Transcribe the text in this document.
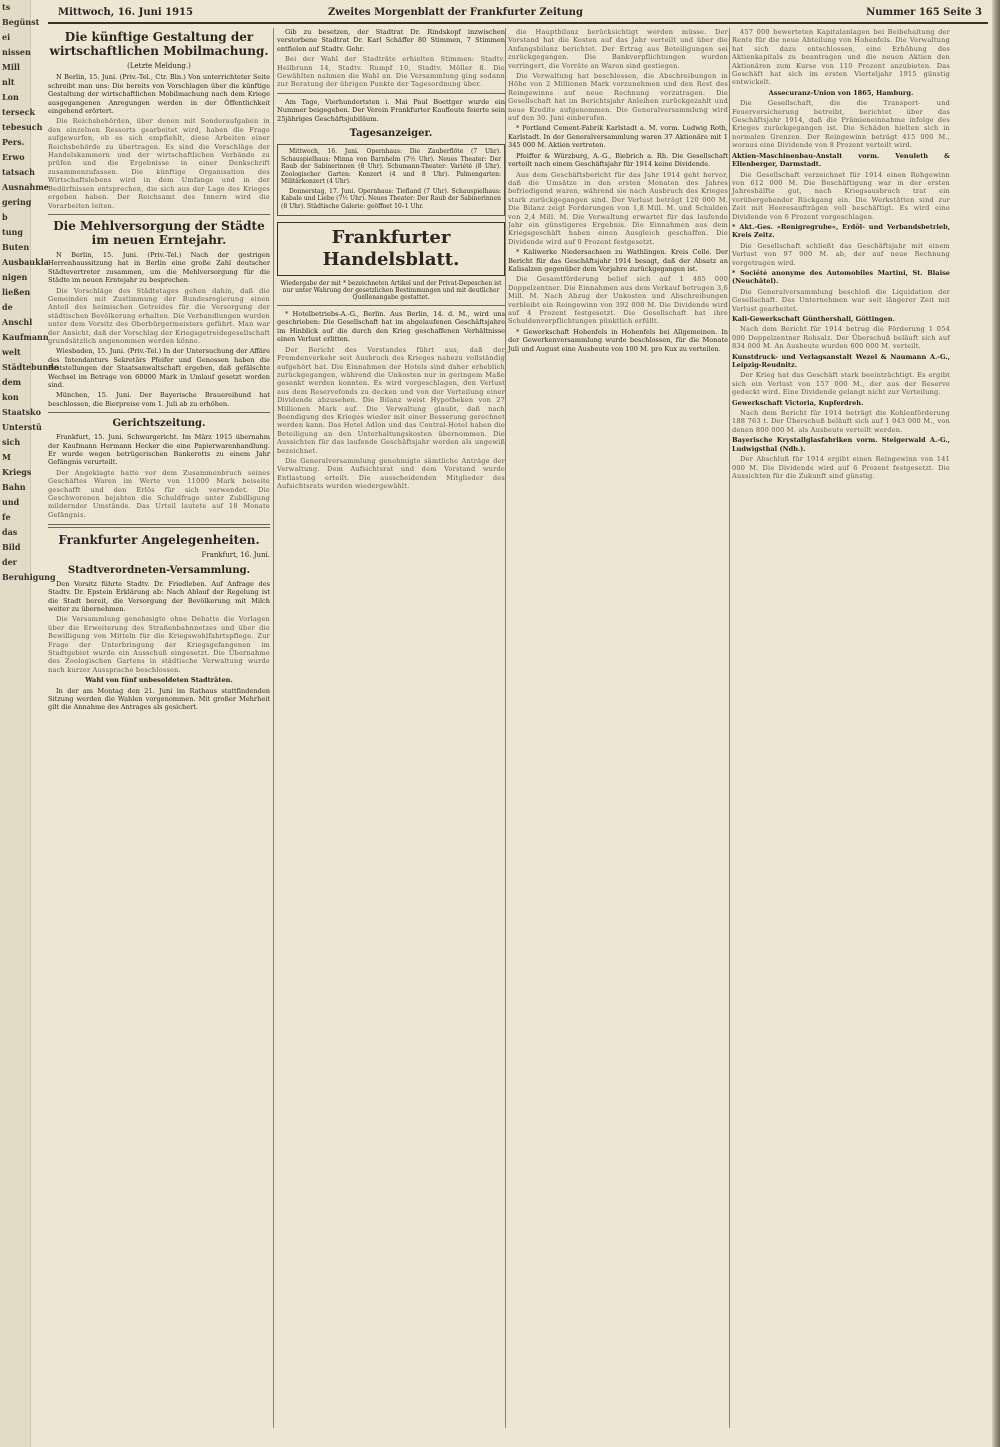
ts
Begünst
ei
nissen
Mill
nlt
Lon
terseck
tebesuch
Pers.
Erwo
tatsach
Ausnahme
gering
b
tung
Buten
Ausbaukla
nigen
ließen
de
Anschl
Kaufmann
welt
Städtebunde
dem
kon
Staatsko
Unterstü
sich
M
Kriegs
Bahn
und
fe
das
Bild
der
Beruhigung
Mittwoch, 16. Juni 1915	Zweites Morgenblatt der Frankfurter Zeitung	Nummer 165 Seite 3
Die künftige Gestaltung der wirtschaftlichen Mobilmachung.
(Letzte Meldung.)

N Berlin, 15. Juni. (Priv.-Tel., Ctr. Bln.) Von unterrichteter Seite schreibt man uns: Die bereits von Vorschlagen über die künftige Gestaltung der wirtschaftlichen Mobilmachung nach dem Kriege ausgegangenen Anregungen werden in der Öffentlichkeit eingehend erörtert.

Die Reichsbehörden, über denen mit Sonderaufgaben in den einzelnen Ressorts gearbeitet wird, haben die Frage aufgeworfen, ob es sich empfiehlt, diese Arbeiten einer Reichsbehörde zu übertragen. Es sind die Vorschläge der Handelskammern und der wirtschaftlichen Verbände zu prüfen und die Ergebnisse in einer Denkschrift zusammenzufassen. Die künftige Organisation des Wirtschaftslebens wird in dem Umfange und in der Bedürfnissen entsprechen, die sich aus der Lage des Krieges ergeben haben. Der Reichsamt des Innern wird die Vorarbeiten leiten.

Die Mehlversorgung der Städte im neuen Erntejahr.

N Berlin, 15. Juni. (Priv.-Tel.) Nach der gestrigen Herrenhaussitzung hat in Berlin eine große Zahl deutscher Städtevertreter zusammen, um die Mehlversorgung für die Städte im neuen Erntejahr zu besprechen.

Die Vorschläge des Städtetages gehen dahin, daß die Gemeinden mit Zustimmung der Bundesregierung einen Anteil des heimischen Getreides für die Versorgung der städtischen Bevölkerung erhalten. Die Verhandlungen wurden unter dem Vorsitz des Oberbürgermeisters geführt. Man war der Ansicht, daß der Vorschlag der Kriegsgetreidegesellschaft grundsätzlich angenommen werden könne.

Wiesbaden, 15. Juni. (Priv.-Tel.) In der Untersuchung der Affäre des Intendanturs Sekretärs Pfeifer und Genossen haben die Feststellungen der Staatsanwaltschaft ergeben, daß gefälschte Wechsel im Betrage von 60000 Mark in Umlauf gesetzt worden sind.

München, 15. Juni. Der Bayerische Brauereibund hat beschlossen, die Bierpreise vom 1. Juli ab zu erhöhen.

Gerichtszeitung.

Frankfurt, 15. Juni. Schwurgericht. Im März 1915 übernahm der Kaufmann Hermann Hecker die eine Papierwarenhandlung. Er wurde wegen betrügerischen Bankerotts zu einem Jahr Gefängnis verurteilt.

Der Angeklagte hatte vor dem Zusammenbruch seines Geschäftes Waren im Werte von 11000 Mark beiseite geschafft und den Erlös für sich verwendet. Die Geschworenen bejahten die Schuldfrage unter Zubilligung mildernder Umstände. Das Urteil lautete auf 18 Monate Gefängnis.

Frankfurter Angelegenheiten.
Frankfurt, 16. Juni.
Stadtverordneten-Versammlung.

Den Vorsitz führte Stadtv. Dr. Friedleben. Auf Anfrage des Stadtv. Dr. Epstein Erklärung ab: Nach Ablauf der Regelung ist die Stadt bereit, die Versorgung der Bevölkerung mit Milch weiter zu übernehmen.

Die Versammlung genehmigte ohne Debatte die Vorlagen über die Erweiterung des Straßenbahnnetzes und über die Bewilligung von Mitteln für die Kriegswohlfahrtspflege. Zur Frage der Unterbringung der Kriegsgefangenen im Stadtgebiet wurde ein Ausschuß eingesetzt. Die Übernahme des Zoologischen Gartens in städtische Verwaltung wurde nach kurzer Aussprache beschlossen.

Wahl von fünf unbesoldeten Stadträten.

In der am Montag den 21. Juni im Rathaus stattfindenden Sitzung werden die Wahlen vorgenommen. Mit großer Mehrheit gilt die Annahme des Antrages als gesichert.

Gib zu besetzen, der Stadtrat Dr. Rindskopf inzwischen verstorbene Stadtrat Dr. Karl Schäffer 80 Stimmen, 7 Stimmen entfielen auf Stadtv. Gehr.

Bei der Wahl der Stadträte erhielten Stimmen: Stadtv. Heilbrunn 14, Stadtv. Rumpf 10, Stadtv. Möller 8. Die Gewählten nahmen die Wahl an. Die Versammlung ging sodann zur Beratung der übrigen Punkte der Tagesordnung über.

Am Tage, Vierhundertsten i. Mai Paul Boettger wurde ein Nummer beigegeben. Der Verein Frankfurter Kaufleute feierte sein 25jähriges Geschäftsjubiläum.

Tagesanzeiger.

Mittwoch, 16. Juni. Opernhaus: Die Zauberflöte (7 Uhr). Schauspielhaus: Minna von Barnhelm (7½ Uhr). Neues Theater: Der Raub der Sabinerinnen (8 Uhr). Schumann-Theater: Variété (8 Uhr). Zoologischer Garten: Konzert (4 und 8 Uhr). Palmengarten: Militärkonzert (4 Uhr).

Donnerstag, 17. Juni. Opernhaus: Tiefland (7 Uhr). Schauspielhaus: Kabale und Liebe (7½ Uhr). Neues Theater: Der Raub der Sabinerinnen (8 Uhr). Städtische Galerie: geöffnet 10–1 Uhr.

Frankfurter Handelsblatt.
Wiedergabe der mit * bezeichneten Artikel und der Privat-Depeschen ist nur unter Wahrung der gesetzlichen Bestimmungen und mit deutlicher Quellenangabe gestattet.

* Hotelbetriebs-A.-G., Berlin. Aus Berlin, 14. d. M., wird uns geschrieben: Die Gesellschaft hat im abgelaufenen Geschäftsjahre im Hinblick auf die durch den Krieg geschaffenen Verhältnisse einen Verlust erlitten.

Der Bericht des Vorstandes führt aus, daß der Fremdenverkehr seit Ausbruch des Krieges nahezu vollständig aufgehört hat. Die Einnahmen der Hotels sind daher erheblich zurückgegangen, während die Unkosten nur in geringem Maße gesenkt werden konnten. Es wird vorgeschlagen, den Verlust aus dem Reservefonds zu decken und von der Verteilung einer Dividende abzusehen. Die Bilanz weist Hypotheken von 27 Millionen Mark auf. Die Verwaltung glaubt, daß nach Beendigung des Krieges wieder mit einer Besserung gerechnet werden kann. Das Hotel Adlon und das Central-Hotel haben die Beteiligung an den Unterhaltungskosten übernommen. Die Aussichten für das laufende Geschäftsjahr werden als ungewiß bezeichnet.

Die Generalversammlung genehmigte sämtliche Anträge der Verwaltung. Dem Aufsichtsrat und dem Vorstand wurde Entlastung erteilt. Die ausscheidenden Mitglieder des Aufsichtsrats wurden wiedergewählt.

die Hauptbilanz berücksichtigt werden müsse. Der Vorstand hat die Kosten auf das Jahr verteilt und über die Anfangsbilanz berichtet. Der Ertrag aus Beteiligungen sei zurückgegangen. Die Bankverpflichtungen wurden verringert, die Vorräte an Waren sind gestiegen.

Die Verwaltung hat beschlossen, die Abschreibungen in Höhe von 2 Millionen Mark vorzunehmen und den Rest des Reingewinns auf neue Rechnung vorzutragen. Die Gesellschaft hat im Berichtsjahr Anleihen zurückgezahlt und neue Kredite aufgenommen. Die Generalversammlung wird auf den 30. Juni einberufen.

* Portland Cement-Fabrik Karlstadt a. M. vorm. Ludwig Roth, Karlstadt. In der Generalversammlung waren 37 Aktionäre mit 1 345 000 M. Aktien vertreten.

Pfeiffer & Würzburg, A.-G., Biebrich a. Rh. Die Gesellschaft verteilt nach einem Geschäftsjahr für 1914 keine Dividende.

Aus dem Geschäftsbericht für das Jahr 1914 geht hervor, daß die Umsätze in den ersten Monaten des Jahres befriedigend waren, während sie nach Ausbruch des Krieges stark zurückgegangen sind. Der Verlust beträgt 120 000 M. Die Bilanz zeigt Forderungen von 1,8 Mill. M. und Schulden von 2,4 Mill. M. Die Verwaltung erwartet für das laufende Jahr ein günstigeres Ergebnis. Die Einnahmen aus dem Kriegsgeschäft haben einen Ausgleich geschaffen. Die Dividende wird auf 0 Prozent festgesetzt.

* Kaliwerke Niedersachsen zu Wathlingen. Kreis Celle. Der Bericht für das Geschäftsjahr 1914 besagt, daß der Absatz an Kalisalzen gegenüber dem Vorjahre zurückgegangen ist.

Die Gesamtförderung belief sich auf 1 485 000 Doppelzentner. Die Einnahmen aus dem Verkauf betrugen 3,6 Mill. M. Nach Abzug der Unkosten und Abschreibungen verbleibt ein Reingewinn von 392 000 M. Die Dividende wird auf 4 Prozent festgesetzt. Die Gesellschaft hat ihre Schuldenverpflichtungen pünktlich erfüllt.

* Gewerkschaft Hohenfels in Hohenfels bei Allgemeinen. In der Gewerkenversammlung wurde beschlossen, für die Monate Juli und August eine Ausbeute von 100 M. pro Kux zu verteilen.

457 000 bewerteten Kapitalanlagen bei Beibehaltung der Rente für die neue Abteilung von Hohenfels. Die Verwaltung hat sich dazu entschlossen, eine Erhöhung des Aktienkapitals zu beantragen und die neuen Aktien den Aktionären zum Kurse von 110 Prozent anzubieten. Das Geschäft hat sich im ersten Vierteljahr 1915 günstig entwickelt.

Assecuranz-Union von 1865, Hamburg.

Die Gesellschaft, die die Transport- und Feuerversicherung betreibt, berichtet über das Geschäftsjahr 1914, daß die Prämieneinnahme infolge des Krieges zurückgegangen ist. Die Schäden hielten sich in normalen Grenzen. Der Reingewinn beträgt 415 000 M., woraus eine Dividende von 8 Prozent verteilt wird.

Aktien-Maschinenbau-Anstalt vorm. Venuleth & Ellenberger, Darmstadt.

Die Gesellschaft verzeichnet für 1914 einen Rohgewinn von 612 000 M. Die Beschäftigung war in der ersten Jahreshälfte gut, nach Kriegsausbruch trat ein vorübergehender Rückgang ein. Die Werkstätten sind zur Zeit mit Heeresaufträgen voll beschäftigt. Es wird eine Dividende von 6 Prozent vorgeschlagen.

* Akt.-Ges. »Renigregrube«, Erdöl- und Verbandsbetrieb, Kreis Zeitz.

Die Gesellschaft schließt das Geschäftsjahr mit einem Verlust von 97 000 M. ab, der auf neue Rechnung vorgetragen wird.

* Sociëté anonyme des Automobiles Martini, St. Blaise (Neuchâtel).

Die Generalversammlung beschloß die Liquidation der Gesellschaft. Das Unternehmen war seit längerer Zeit mit Verlust gearbeitet.

Kali-Gewerkschaft Günthershall, Göttingen.

Nach dem Bericht für 1914 betrug die Förderung 1 054 000 Doppelzentner Rohsalz. Der Überschuß beläuft sich auf 834 000 M. An Ausbeute wurden 600 000 M. verteilt.

Kunstdruck- und Verlagsanstalt Wezel & Naumann A.-G., Leipzig-Reudnitz.

Der Krieg hat das Geschäft stark beeinträchtigt. Es ergibt sich ein Verlust von 157 000 M., der aus der Reserve gedeckt wird. Eine Dividende gelangt nicht zur Verteilung.

Gewerkschaft Victoria, Kupferdreh.

Nach dem Bericht für 1914 beträgt die Kohlenförderung 188 763 t. Der Überschuß beläuft sich auf 1 043 000 M., von denen 800 000 M. als Ausbeute verteilt werden.

Bayerische Krystallglasfabriken vorm. Steigerwald A.-G., Ludwigsthal (Ndb.).

Der Abschluß für 1914 ergibt einen Reingewinn von 141 000 M. Die Dividende wird auf 6 Prozent festgesetzt. Die Aussichten für die Zukunft sind günstig.
